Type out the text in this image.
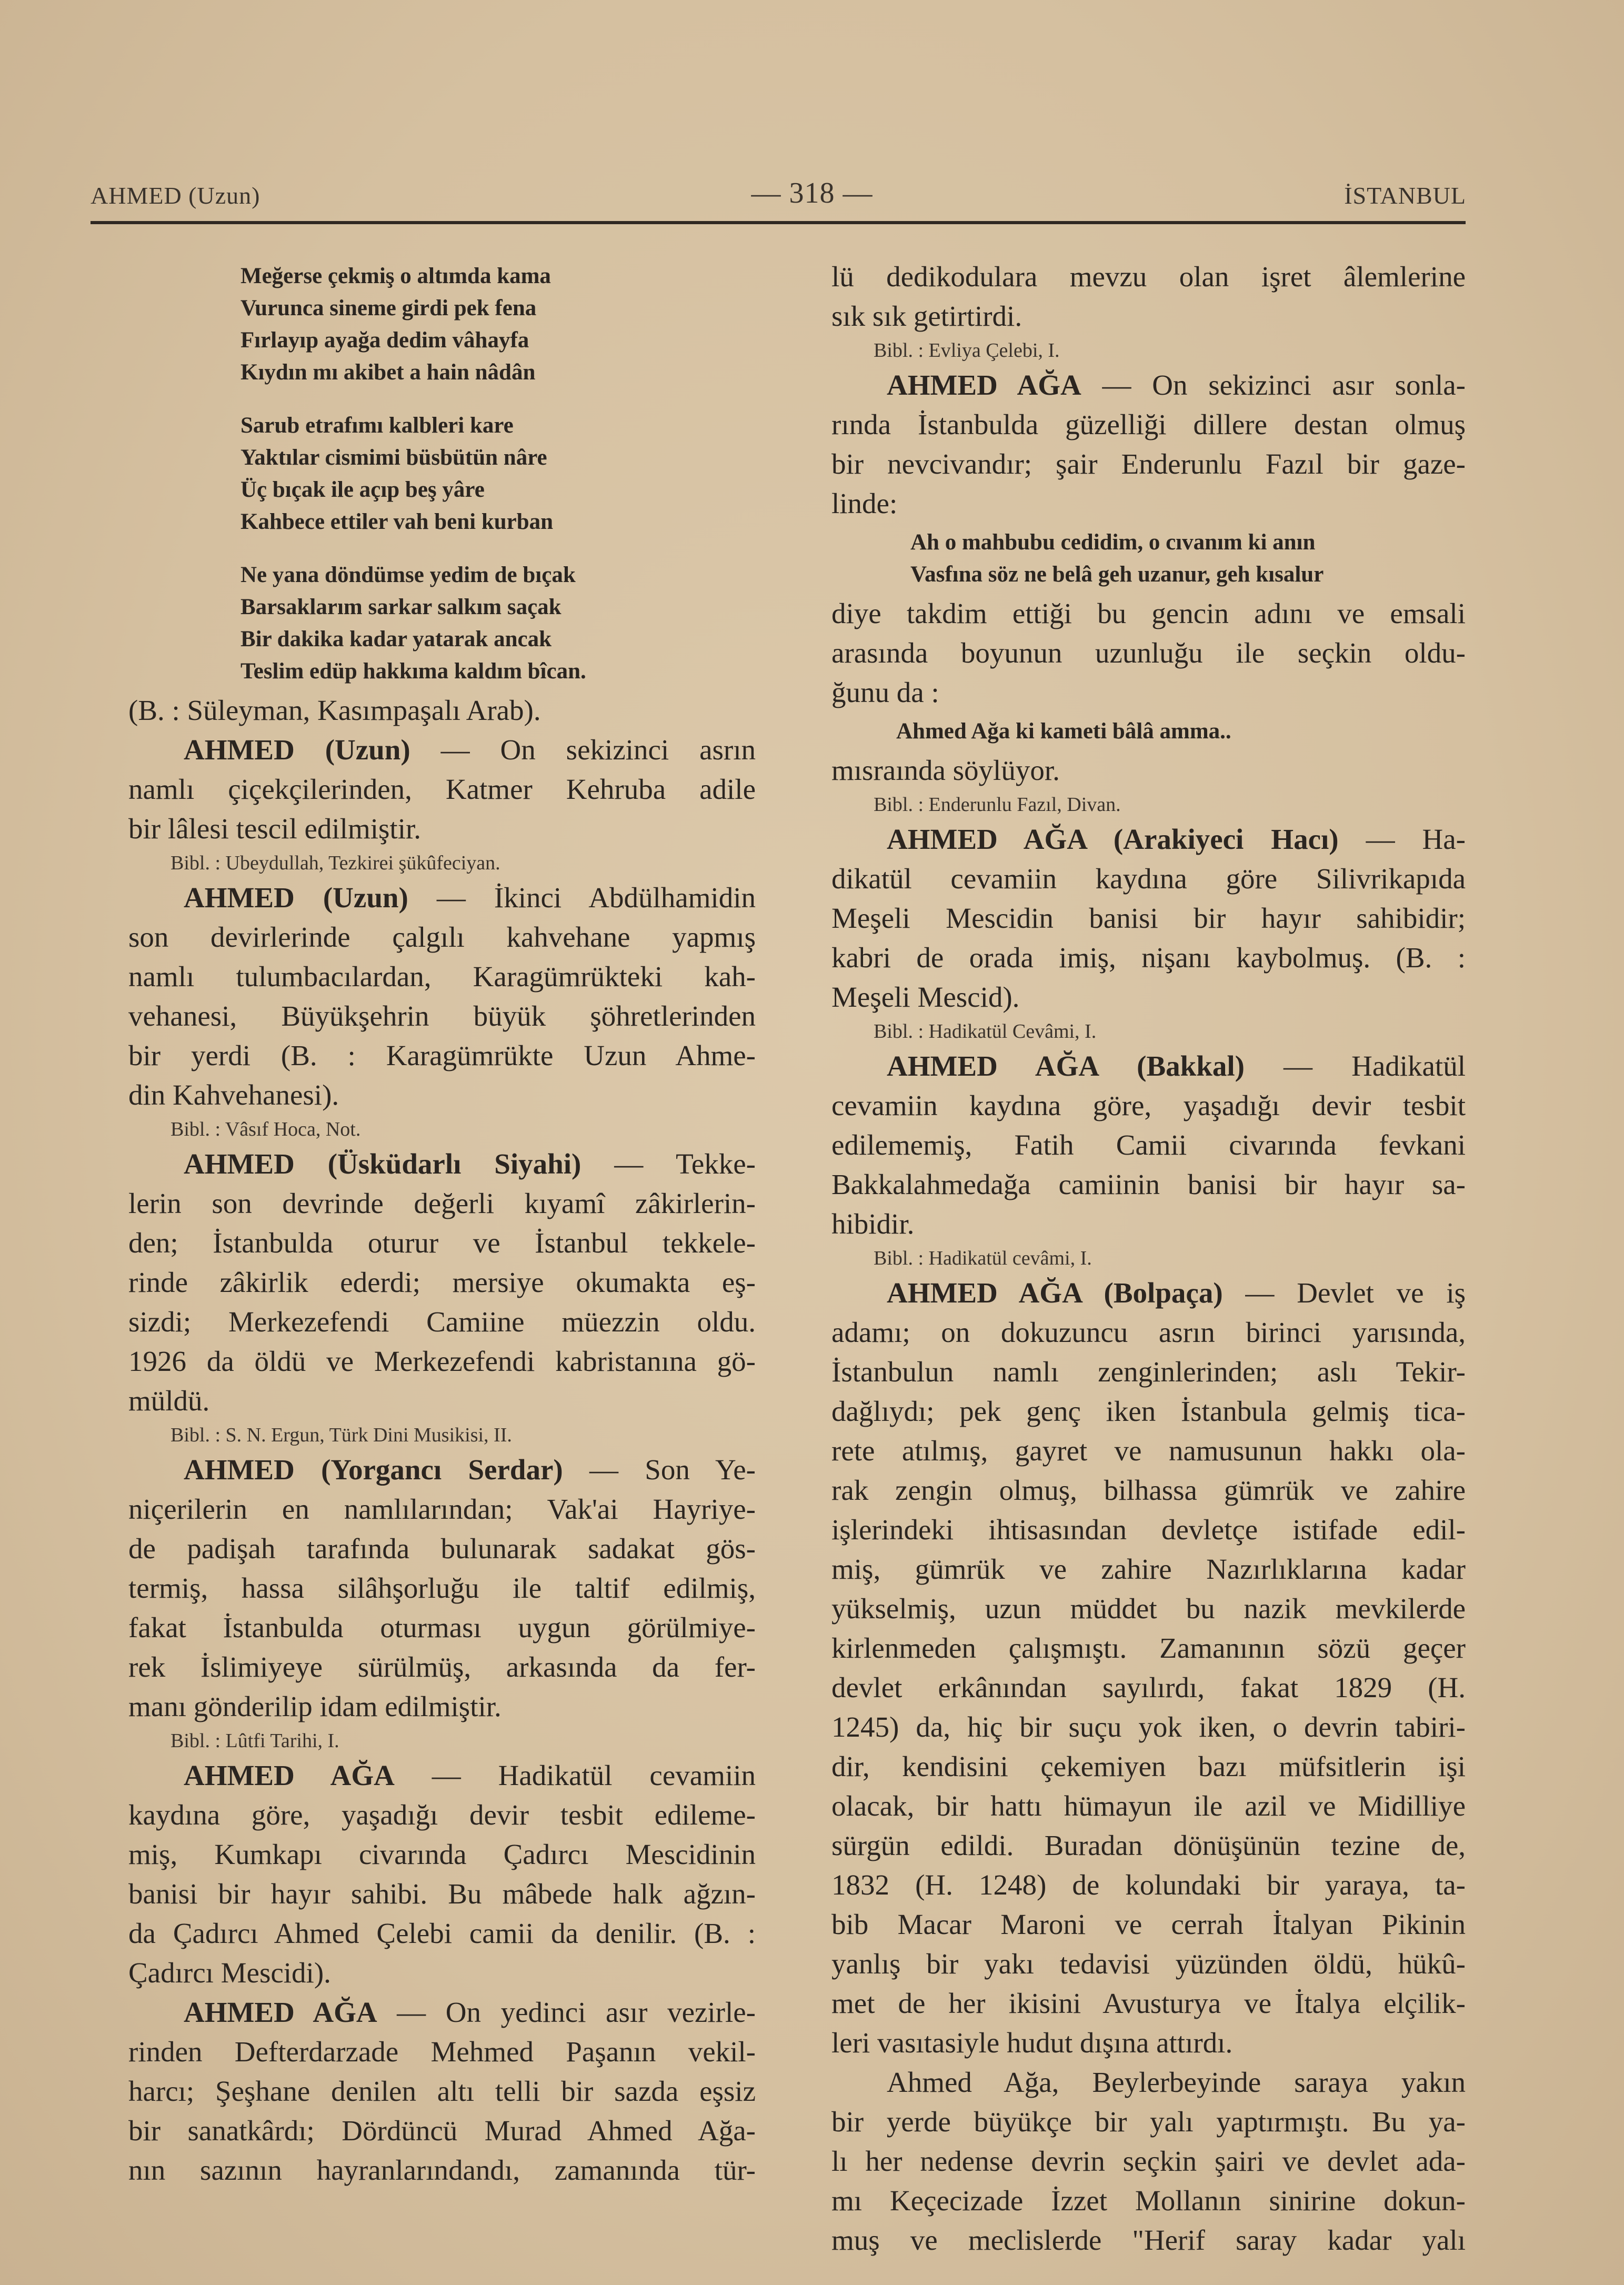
AHMED (Uzun)	— 318 —	İSTANBUL
Meğerse çekmiş o altımda kama
Vurunca sineme girdi pek fena
Fırlayıp ayağa dedim vâhayfa
Kıydın mı akibet a hain nâdân
Sarub etrafımı kalbleri kare
Yaktılar cismimi büsbütün nâre
Üç bıçak ile açıp beş yâre
Kahbece ettiler vah beni kurban
Ne yana döndümse yedim de bıçak
Barsaklarım sarkar salkım saçak
Bir dakika kadar yatarak ancak
Teslim edüp hakkıma kaldım bîcan.
(B. : Süleyman, Kasımpaşalı Arab).
AHMED (Uzun) — On sekizinci asrın
namlı çiçekçilerinden, Katmer Kehruba adile
bir lâlesi tescil edilmiştir.
Bibl. : Ubeydullah, Tezkirei şükûfeciyan.
AHMED (Uzun) — İkinci Abdülhamidin
son devirlerinde çalgılı kahvehane yapmış
namlı tulumbacılardan, Karagümrükteki kah-
vehanesi, Büyükşehrin büyük şöhretlerinden
bir yerdi (B. : Karagümrükte Uzun Ahme-
din Kahvehanesi).
Bibl. : Vâsıf Hoca, Not.
AHMED (Üsküdarlı Siyahi) — Tekke-
lerin son devrinde değerli kıyamî zâkirlerin-
den; İstanbulda oturur ve İstanbul tekkele-
rinde zâkirlik ederdi; mersiye okumakta eş-
sizdi; Merkezefendi Camiine müezzin oldu.
1926 da öldü ve Merkezefendi kabristanına gö-
müldü.
Bibl. : S. N. Ergun, Türk Dini Musikisi, II.
AHMED (Yorgancı Serdar) — Son Ye-
niçerilerin en namlılarından; Vak'ai Hayriye-
de padişah tarafında bulunarak sadakat gös-
termiş, hassa silâhşorluğu ile taltif edilmiş,
fakat İstanbulda oturması uygun görülmiye-
rek İslimiyeye sürülmüş, arkasında da fer-
manı gönderilip idam edilmiştir.
Bibl. : Lûtfi Tarihi, I.
AHMED AĞA — Hadikatül cevamiin
kaydına göre, yaşadığı devir tesbit edileme-
miş, Kumkapı civarında Çadırcı Mescidinin
banisi bir hayır sahibi. Bu mâbede halk ağzın-
da Çadırcı Ahmed Çelebi camii da denilir. (B. :
Çadırcı Mescidi).
AHMED AĞA — On yedinci asır vezirle-
rinden Defterdarzade Mehmed Paşanın vekil-
harcı; Şeşhane denilen altı telli bir sazda eşsiz
bir sanatkârdı; Dördüncü Murad Ahmed Ağa-
nın sazının hayranlarındandı, zamanında tür-
lü dedikodulara mevzu olan işret âlemlerine
sık sık getirtirdi.
Bibl. : Evliya Çelebi, I.
AHMED AĞA — On sekizinci asır sonla-
rında İstanbulda güzelliği dillere destan olmuş
bir nevcivandır; şair Enderunlu Fazıl bir gaze-
linde:
Ah o mahbubu cedidim, o cıvanım ki anın
Vasfına söz ne belâ geh uzanur, geh kısalur
diye takdim ettiği bu gencin adını ve emsali
arasında boyunun uzunluğu ile seçkin oldu-
ğunu da :
Ahmed Ağa ki kameti bâlâ amma..
mısraında söylüyor.
Bibl. : Enderunlu Fazıl, Divan.
AHMED AĞA (Arakiyeci Hacı) — Ha-
dikatül cevamiin kaydına göre Silivrikapıda
Meşeli Mescidin banisi bir hayır sahibidir;
kabri de orada imiş, nişanı kaybolmuş. (B. :
Meşeli Mescid).
Bibl. : Hadikatül Cevâmi, I.
AHMED AĞA (Bakkal) — Hadikatül
cevamiin kaydına göre, yaşadığı devir tesbit
edilememiş, Fatih Camii civarında fevkani
Bakkalahmedağa camiinin banisi bir hayır sa-
hibidir.
Bibl. : Hadikatül cevâmi, I.
AHMED AĞA (Bolpaça) — Devlet ve iş
adamı; on dokuzuncu asrın birinci yarısında,
İstanbulun namlı zenginlerinden; aslı Tekir-
dağlıydı; pek genç iken İstanbula gelmiş tica-
rete atılmış, gayret ve namusunun hakkı ola-
rak zengin olmuş, bilhassa gümrük ve zahire
işlerindeki ihtisasından devletçe istifade edil-
miş, gümrük ve zahire Nazırlıklarına kadar
yükselmiş, uzun müddet bu nazik mevkilerde
kirlenmeden çalışmıştı. Zamanının sözü geçer
devlet erkânından sayılırdı, fakat 1829 (H.
1245) da, hiç bir suçu yok iken, o devrin tabiri-
dir, kendisini çekemiyen bazı müfsitlerin işi
olacak, bir hattı hümayun ile azil ve Midilliye
sürgün edildi. Buradan dönüşünün tezine de,
1832 (H. 1248) de kolundaki bir yaraya, ta-
bib Macar Maroni ve cerrah İtalyan Pikinin
yanlış bir yakı tedavisi yüzünden öldü, hükû-
met de her ikisini Avusturya ve İtalya elçilik-
leri vasıtasiyle hudut dışına attırdı.
Ahmed Ağa, Beylerbeyinde saraya yakın
bir yerde büyükçe bir yalı yaptırmıştı. Bu ya-
lı her nedense devrin seçkin şairi ve devlet ada-
mı Keçecizade İzzet Mollanın sinirine dokun-
muş ve meclislerde "Herif saray kadar yalı
